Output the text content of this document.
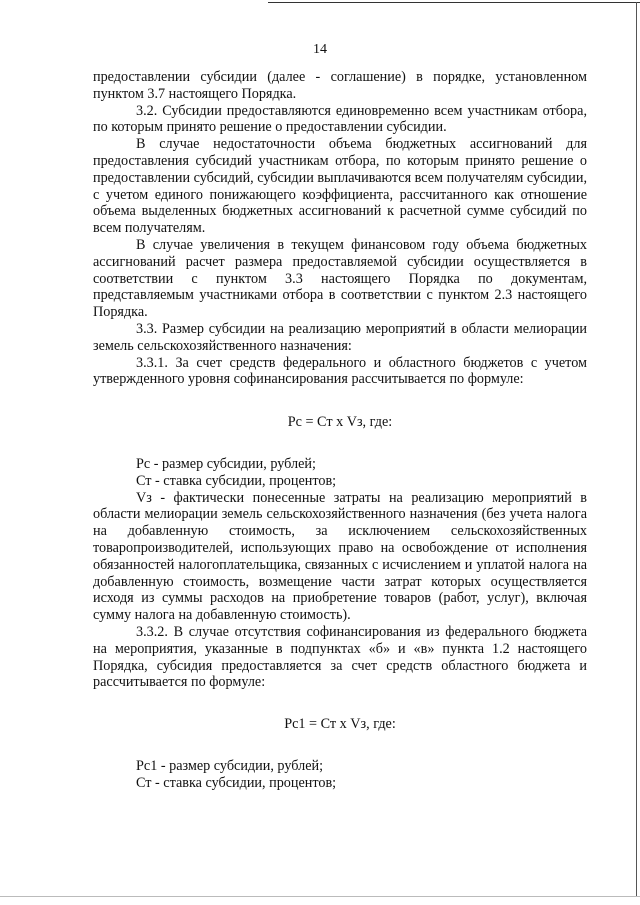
14

предоставлении субсидии (далее - соглашение) в порядке, установленном пунктом 3.7 настоящего Порядка.

3.2. Субсидии предоставляются единовременно всем участникам отбора, по которым принято решение о предоставлении субсидии.

В случае недостаточности объема бюджетных ассигнований для предоставления субсидий участникам отбора, по которым принято решение о предоставлении субсидий, субсидии выплачиваются всем получателям субсидии, с учетом единого понижающего коэффициента, рассчитанного как отношение объема выделенных бюджетных ассигнований к расчетной сумме субсидий по всем получателям.

В случае увеличения в текущем финансовом году объема бюджетных ассигнований расчет размера предоставляемой субсидии осуществляется в соответствии с пунктом 3.3 настоящего Порядка по документам, представляемым участниками отбора в соответствии с пунктом 2.3 настоящего Порядка.

3.3. Размер субсидии на реализацию мероприятий в области мелиорации земель сельскохозяйственного назначения:

3.3.1. За счет средств федерального и областного бюджетов с учетом утвержденного уровня софинансирования рассчитывается по формуле:

Рс = Ст х Vз, где:

Рс - размер субсидии, рублей;

Ст - ставка субсидии, процентов;

Vз - фактически понесенные затраты на реализацию мероприятий в области мелиорации земель сельскохозяйственного назначения (без учета налога на добавленную стоимость, за исключением сельскохозяйственных товаропроизводителей, использующих право на освобождение от исполнения обязанностей налогоплательщика, связанных с исчислением и уплатой налога на добавленную стоимость, возмещение части затрат которых осуществляется исходя из суммы расходов на приобретение товаров (работ, услуг), включая сумму налога на добавленную стоимость).

3.3.2. В случае отсутствия софинансирования из федерального бюджета на мероприятия, указанные в подпунктах «б» и «в» пункта 1.2 настоящего Порядка, субсидия предоставляется за счет средств областного бюджета и рассчитывается по формуле:

Рс1 = Ст х Vз, где:

Рс1 - размер субсидии, рублей;

Ст - ставка субсидии, процентов;
